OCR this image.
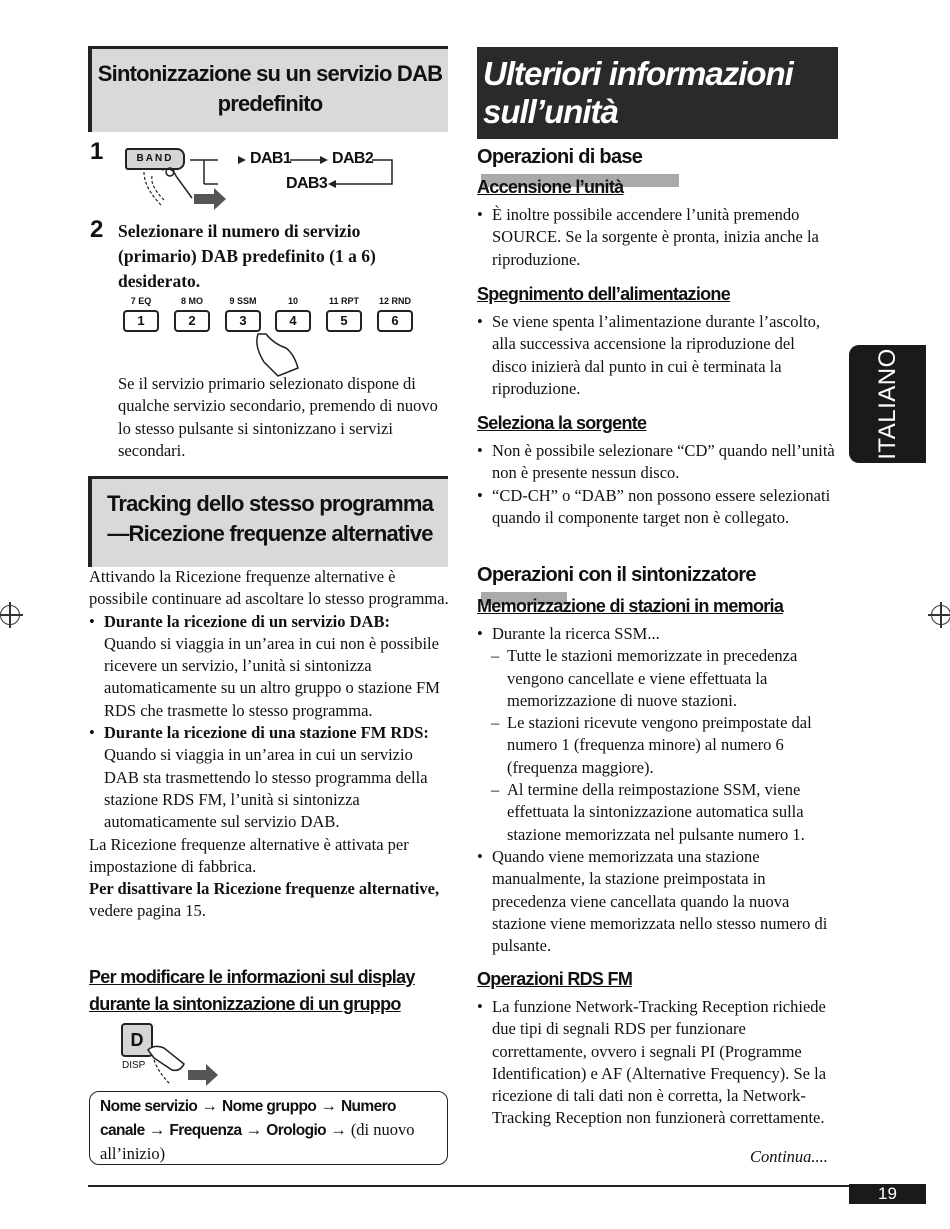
Sintonizzazione su un servizio DAB predefinito
1	BAND	DAB1	DAB2
DAB3
2 Selezionare il numero di servizio (primario) DAB predefinito (1 a 6) desiderato.
7 EQ	8 MO	9 SSM	10	11 RPT	12 RND
1	2	3	4	5	6
Se il servizio primario selezionato dispone di qualche servizio secondario, premendo di nuovo lo stesso pulsante si sintonizzano i servizi secondari.
Tracking dello stesso programma
—Ricezione frequenze alternative

Attivando la Ricezione frequenze alternative è possibile continuare ad ascoltare lo stesso programma.

• Durante la ricezione di un servizio DAB:
Quando si viaggia in un’area in cui non è possibile ricevere un servizio, l’unità si sintonizza automaticamente su un altro gruppo o stazione FM RDS che trasmette lo stesso programma.
• Durante la ricezione di una stazione FM RDS:
Quando si viaggia in un’area in cui un servizio DAB sta trasmettendo lo stesso programma della stazione RDS FM, l’unità si sintonizza automaticamente sul servizio DAB.

La Ricezione frequenze alternative è attivata per impostazione di fabbrica.

Per disattivare la Ricezione frequenze alternative, vedere pagina 15.

Per modificare le informazioni sul display
durante la sintonizzazione di un gruppo
D
DISP
Nome servizio → Nome gruppo → Numero canale → Frequenza → Orologio → (di nuovo all’inizio)
Ulteriori informazioni
sull’unità
Operazioni di base
Accensione l’unità
• È inoltre possibile accendere l’unità premendo SOURCE. Se la sorgente è pronta, inizia anche la riproduzione.
Spegnimento dell’alimentazione
• Se viene spenta l’alimentazione durante l’ascolto, alla successiva accensione la riproduzione del disco inizierà dal punto in cui è terminata la riproduzione.
Seleziona la sorgente
• Non è possibile selezionare “CD” quando nell’unità non è presente nessun disco.
• “CD-CH” o “DAB” non possono essere selezionati quando il componente target non è collegato.
Operazioni con il sintonizzatore
Memorizzazione di stazioni in memoria
• Durante la ricerca SSM...
– Tutte le stazioni memorizzate in precedenza vengono cancellate e viene effettuata la memorizzazione di nuove stazioni.
– Le stazioni ricevute vengono preimpostate dal numero 1 (frequenza minore) al numero 6 (frequenza maggiore).
– Al termine della reimpostazione SSM, viene effettuata la sintonizzazione automatica sulla stazione memorizzata nel pulsante numero 1.
• Quando viene memorizzata una stazione manualmente, la stazione preimpostata in precedenza viene cancellata quando la nuova stazione viene memorizzata nello stesso numero di pulsante.
Operazioni RDS FM
• La funzione Network-Tracking Reception richiede due tipi di segnali RDS per funzionare correttamente, ovvero i segnali PI (Programme Identification) e AF (Alternative Frequency). Se la ricezione di tali dati non è corretta, la Network-Tracking Reception non funzionerà correttamente.
Continua....
ITALIANO
19
